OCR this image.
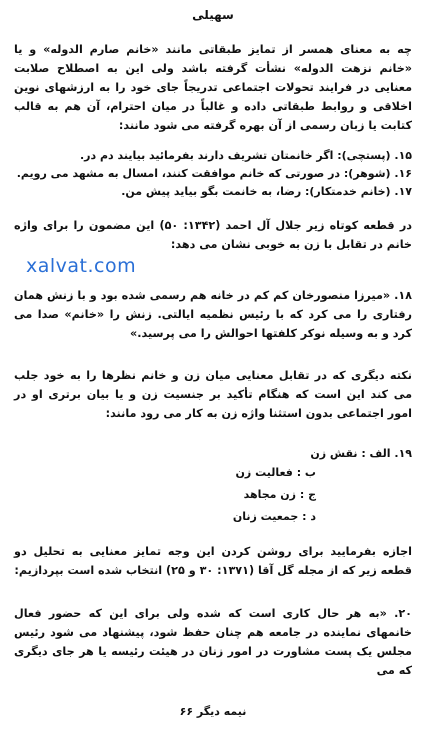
سهیلی

چه به معنای همسر از تمایز طبقاتی مانند «خانم صارم الدوله» و یا «خانم نزهت الدوله» نشأت گرفته باشد ولی این به اصطلاح صلابت معنایی در فرایند تحولات اجتماعی تدریجاً جای خود را به ارزشهای نوین اخلاقی و روابط طبقاتی داده و غالباً در میان احترام، آن هم به قالب کتابت یا زبان رسمی از آن بهره گرفته می شود مانند:

۱۵. (پستچی): اگر خانمتان تشریف دارند بفرمائید بیایند دم در.

۱۶. (شوهر): در صورتی که خانم موافقت کنند، امسال به مشهد می رویم.

۱۷. (خانم خدمتکار): رضا، به خانمت بگو بیاید پیش من.

در قطعه کوتاه زیر جلال آل احمد (۱۳۴۲: ۵۰) این مضمون را برای واژه خانم در تقابل با زن به خوبی نشان می دهد:

xalvat.com

۱۸. «میرزا منصورخان کم کم در خانه هم رسمی شده بود و با زنش همان رفتاری را می کرد که با رئیس نظمیه ایالتی. زنش را «خانم» صدا می کرد و به وسیله نوکر کلفتها احوالش را می پرسید.»

نکته دیگری که در تقابل معنایی میان زن و خانم نظرها را به خود جلب می کند این است که هنگام تأکید بر جنسیت زن و یا بیان برتری او در امور اجتماعی بدون استثنا واژه زن به کار می رود مانند:

۱۹. الف : نقش زن

ب : فعالیت زن
ج : زن مجاهد
د : جمعیت زنان

اجازه بفرمایید برای روشن کردن این وجه تمایز معنایی به تحلیل دو قطعه زیر که از مجله گل آقا (۱۳۷۱: ۳۰ و ۲۵) انتخاب شده است بپردازیم:

۲۰. «به هر حال کاری است که شده ولی برای این که حضور فعال خانمهای نماینده در جامعه هم چنان حفظ شود، پیشنهاد می شود رئیس مجلس یک پست مشاورت در امور زنان در هیئت رئیسه یا هر جای دیگری که می

نیمه دیگر ۶۶
